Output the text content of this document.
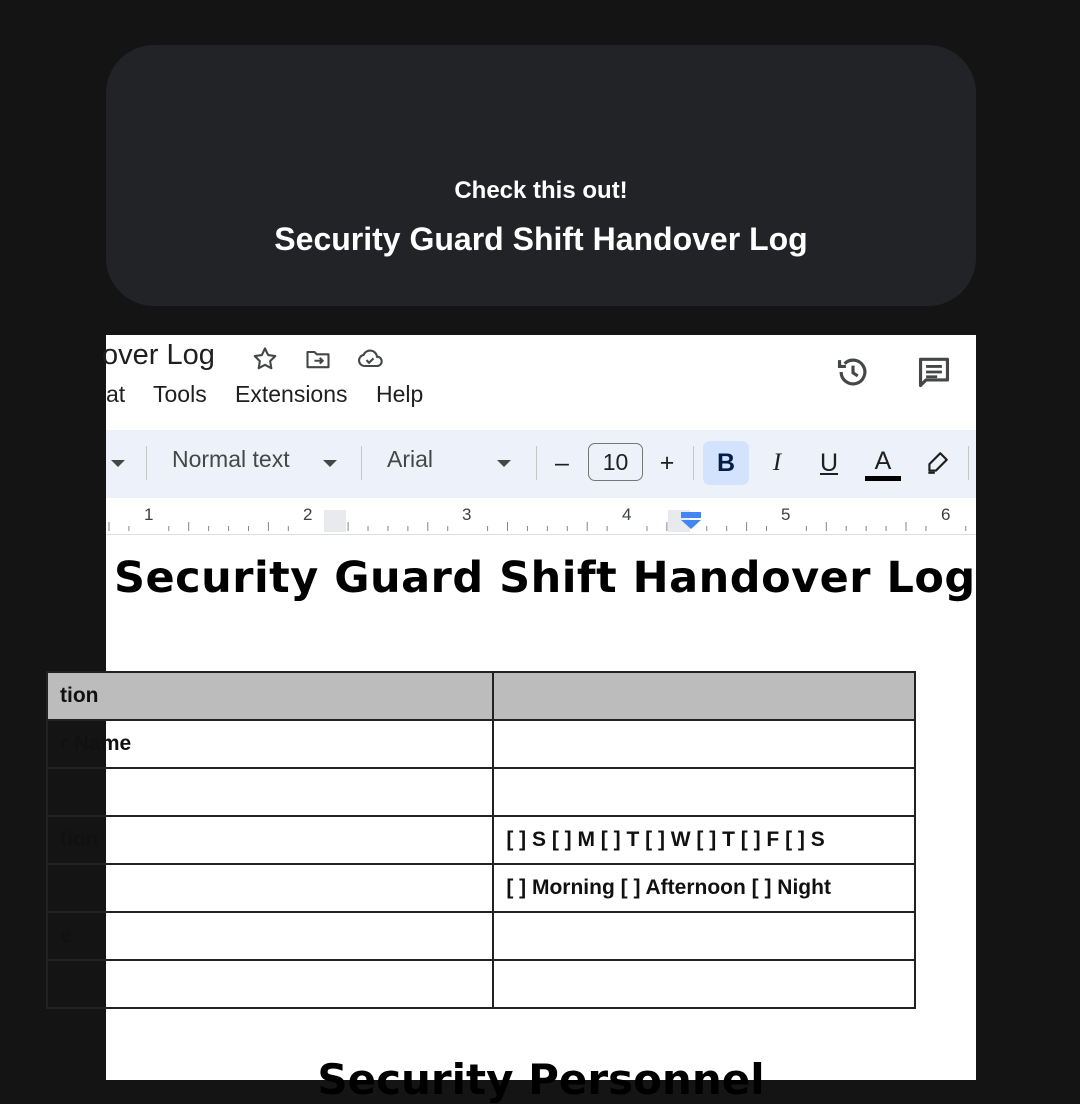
Check this out!
Security Guard Shift Handover Log
over Log
at Tools Extensions Help
Normal text	Arial	–	10	+	B	I	U	A
1	2	3	4	5	6
Security Guard Shift Handover Log
tion	
r Name	

tion	[ ] S [ ] M [ ] T [ ] W [ ] T [ ] F [ ] S
	[ ] Morning [ ] Afternoon [ ] Night
e	

Security Personnel
